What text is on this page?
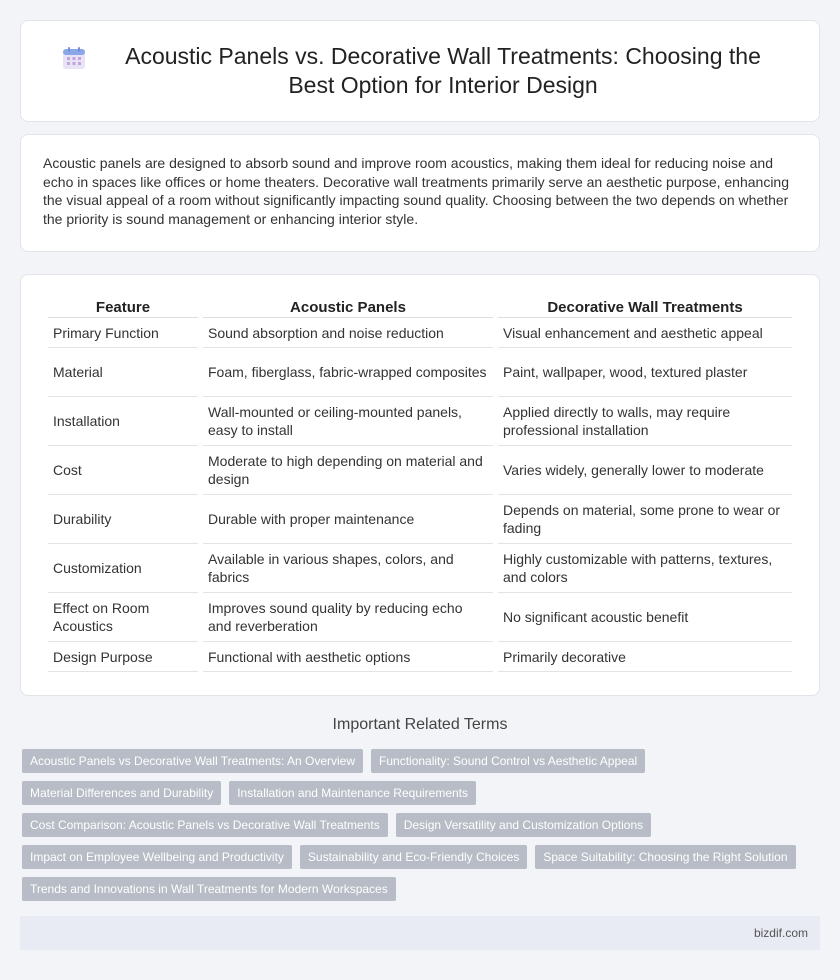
Acoustic Panels vs. Decorative Wall Treatments: Choosing the Best Option for Interior Design

Acoustic panels are designed to absorb sound and improve room acoustics, making them ideal for reducing noise and echo in spaces like offices or home theaters. Decorative wall treatments primarily serve an aesthetic purpose, enhancing the visual appeal of a room without significantly impacting sound quality. Choosing between the two depends on whether the priority is sound management or enhancing interior style.

Feature	Acoustic Panels	Decorative Wall Treatments
Primary Function	Sound absorption and noise reduction	Visual enhancement and aesthetic appeal
Material	Foam, fiberglass, fabric-wrapped composites	Paint, wallpaper, wood, textured plaster
Installation	Wall-mounted or ceiling-mounted panels, easy to install	Applied directly to walls, may require professional installation
Cost	Moderate to high depending on material and design	Varies widely, generally lower to moderate
Durability	Durable with proper maintenance	Depends on material, some prone to wear or fading
Customization	Available in various shapes, colors, and fabrics	Highly customizable with patterns, textures, and colors
Effect on Room Acoustics	Improves sound quality by reducing echo and reverberation	No significant acoustic benefit
Design Purpose	Functional with aesthetic options	Primarily decorative
Important Related Terms
Acoustic Panels vs Decorative Wall Treatments: An Overview	Functionality: Sound Control vs Aesthetic Appeal
Material Differences and Durability	Installation and Maintenance Requirements
Cost Comparison: Acoustic Panels vs Decorative Wall Treatments	Design Versatility and Customization Options
Impact on Employee Wellbeing and Productivity	Sustainability and Eco-Friendly Choices	Space Suitability: Choosing the Right Solution
Trends and Innovations in Wall Treatments for Modern Workspaces
bizdif.com
